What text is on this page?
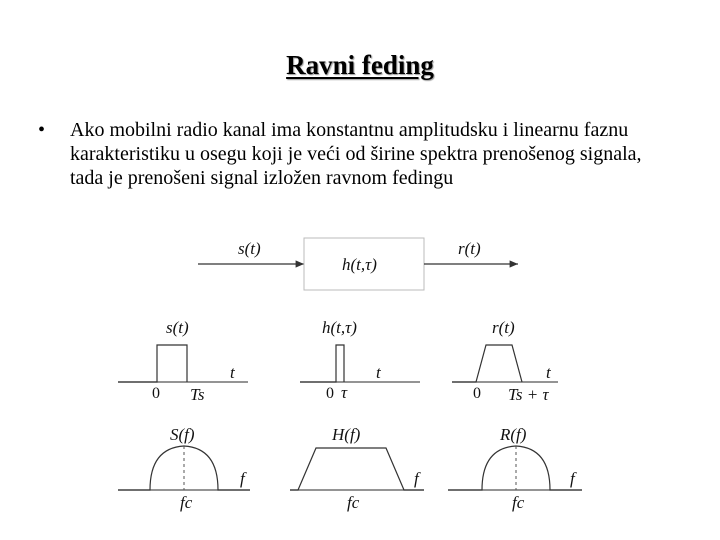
Ravni feding
• Ako mobilni radio kanal ima konstantnu amplitudsku i linearnu faznu karakteristiku u osegu koji je veći od širine spektra prenošenog signala, tada je prenošeni signal izložen ravnom fedingu
s(t)
h(t,τ)
r(t)
s(t)
t
0 Ts
h(t,τ)
t
0 τ
r(t)
t
0 Ts + τ
S(f)
f
fc
H(f)
f
fc
R(f)
f
fc
